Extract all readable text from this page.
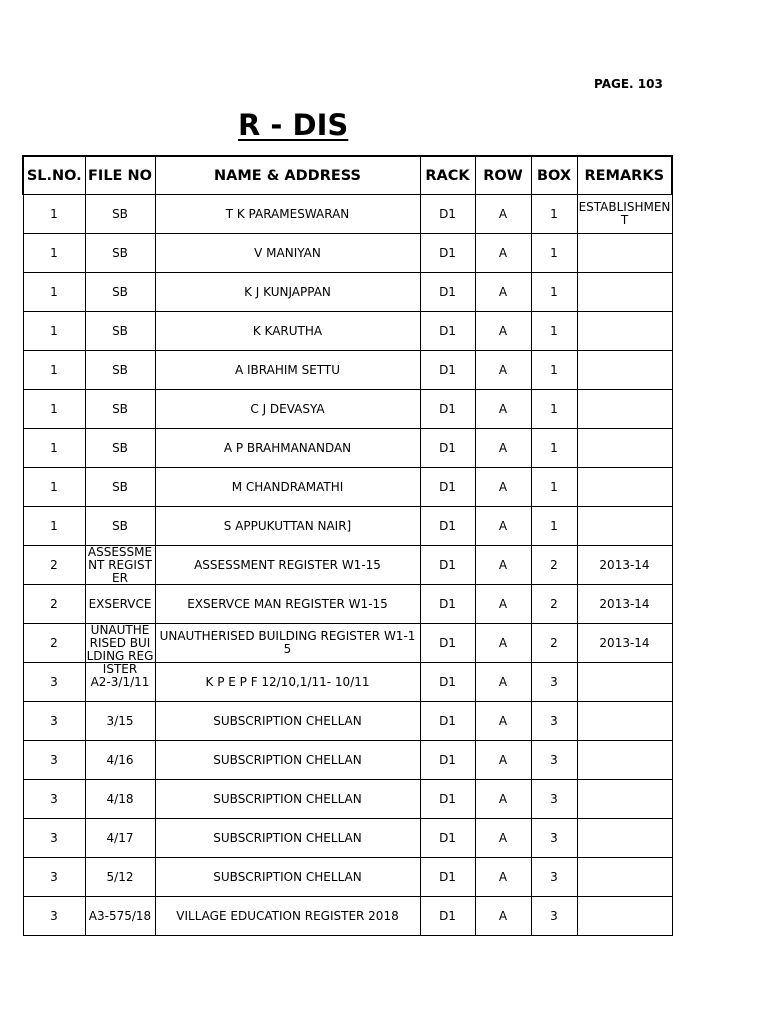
PAGE. 103
R - DIS
SL.NO.	FILE NO	NAME & ADDRESS	RACK	ROW	BOX	REMARKS

1	SB	T K PARAMESWARAN	D1	A	1	ESTABLISHMENT

1	SB	V MANIYAN	D1	A	1	

1	SB	K J KUNJAPPAN	D1	A	1	

1	SB	K KARUTHA	D1	A	1	

1	SB	A IBRAHIM SETTU	D1	A	1	

1	SB	C J DEVASYA	D1	A	1	

1	SB	A P BRAHMANANDAN	D1	A	1	

1	SB	M CHANDRAMATHI	D1	A	1	

1	SB	S APPUKUTTAN NAIR]	D1	A	1	

2	ASSESSMENT REGISTER	ASSESSMENT REGISTER W1-15	D1	A	2	2013-14

2	EXSERVCE	EXSERVCE MAN REGISTER W1-15	D1	A	2	2013-14

2	UNAUTHERISED BUILDING REGISTER	UNAUTHERISED BUILDING REGISTER W1-15	D1	A	2	2013-14

3	A2-3/1/11	K P E P F 12/10,1/11- 10/11	D1	A	3	

3	3/15	SUBSCRIPTION CHELLAN	D1	A	3	

3	4/16	SUBSCRIPTION CHELLAN	D1	A	3	

3	4/18	SUBSCRIPTION CHELLAN	D1	A	3	

3	4/17	SUBSCRIPTION CHELLAN	D1	A	3	

3	5/12	SUBSCRIPTION CHELLAN	D1	A	3	

3	A3-575/18	VILLAGE EDUCATION REGISTER 2018	D1	A	3	
